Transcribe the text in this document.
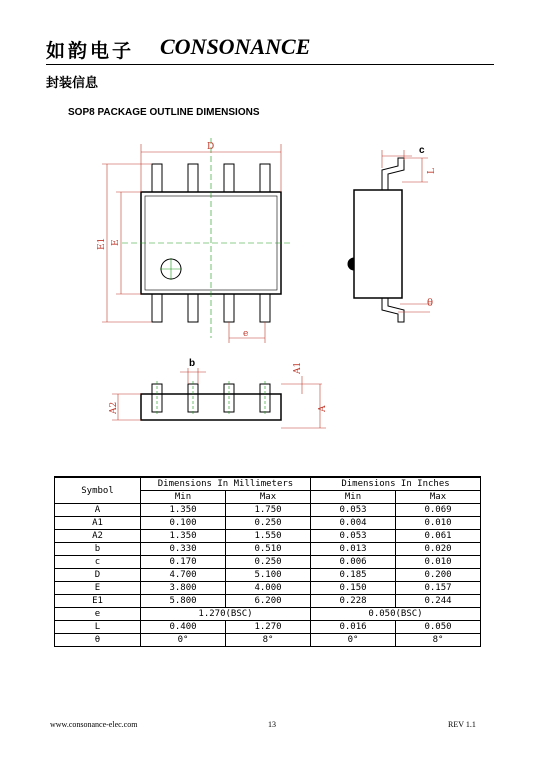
如韵电子 CONSONANCE
封装信息
SOP8 PACKAGE OUTLINE DIMENSIONS
D
E1 E
e
c
L
θ
b	A1
A2	A
Symbol	Dimensions In Millimeters		Dimensions In Inches	
	Min	Max	Min	Max
A	1.350	1.750	0.053	0.069
A1	0.100	0.250	0.004	0.010
A2	1.350	1.550	0.053	0.061
b	0.330	0.510	0.013	0.020
c	0.170	0.250	0.006	0.010
D	4.700	5.100	0.185	0.200
E	3.800	4.000	0.150	0.157
E1	5.800	6.200	0.228	0.244
e	1.270(BSC)		0.050(BSC)	
L	0.400	1.270	0.016	0.050
θ	0°	8°	0°	8°
www.consonance-elec.com	13	REV 1.1
